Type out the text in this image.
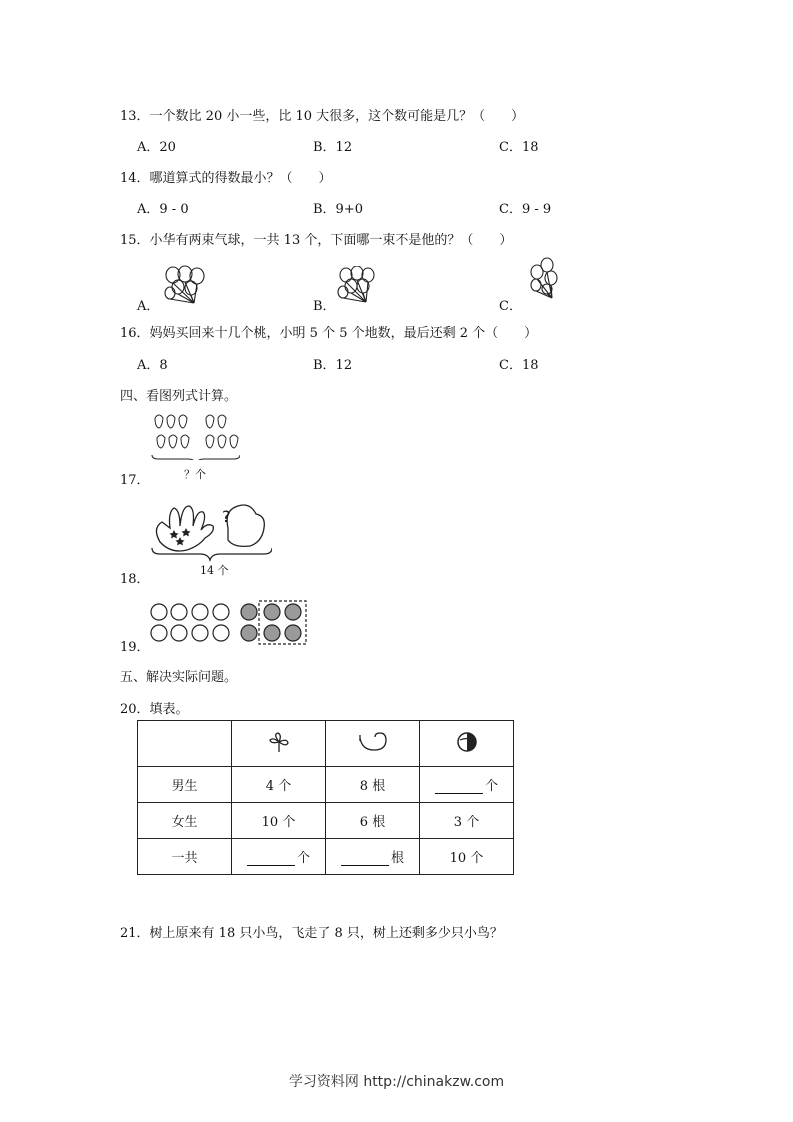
13．一个数比 20 小一些，比 10 大很多，这个数可能是几？（　　）
A．20	B．12	C．18
14．哪道算式的得数最小？（　　）
A．9 - 0	B．9+0	C．9 - 9
15．小华有两束气球，一共 13 个，下面哪一束不是他的？（　　）
A．	B．	C．
16．妈妈买回来十几个桃，小明 5 个 5 个地数，最后还剩 2 个（　　）
A．8	B．12	C．18
四、看图列式计算。
17．	？个
18．
?
14 个
19．
五、解决实际问题。
20．填表。

男生	4 个	8 根	个
女生	10 个	6 根	3 个
一共	个	根	10 个
21．树上原来有 18 只小鸟，飞走了 8 只，树上还剩多少只小鸟？
学习资料网 http://chinakzw.com
